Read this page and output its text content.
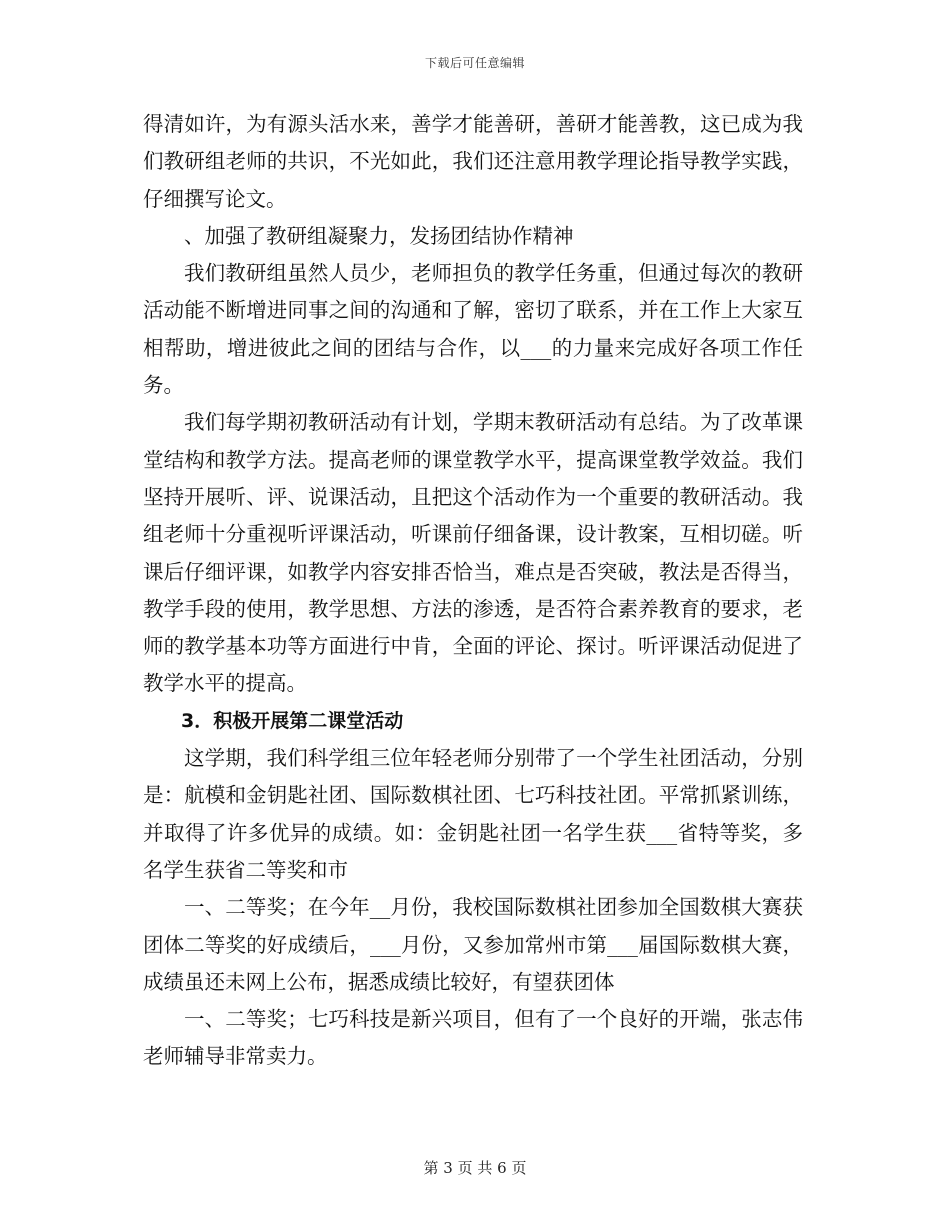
下载后可任意编辑

得清如许，为有源头活水来，善学才能善研，善研才能善教，这已成为我们教研组老师的共识，不光如此，我们还注意用教学理论指导教学实践，仔细撰写论文。

、加强了教研组凝聚力，发扬团结协作精神

我们教研组虽然人员少，老师担负的教学任务重，但通过每次的教研活动能不断增进同事之间的沟通和了解，密切了联系，并在工作上大家互相帮助，增进彼此之间的团结与合作，以___的力量来完成好各项工作任务。

我们每学期初教研活动有计划，学期末教研活动有总结。为了改革课堂结构和教学方法。提高老师的课堂教学水平，提高课堂教学效益。我们坚持开展听、评、说课活动，且把这个活动作为一个重要的教研活动。我组老师十分重视听评课活动，听课前仔细备课，设计教案，互相切磋。听课后仔细评课，如教学内容安排否恰当，难点是否突破，教法是否得当，教学手段的使用，教学思想、方法的渗透，是否符合素养教育的要求，老师的教学基本功等方面进行中肯，全面的评论、探讨。听评课活动促进了教学水平的提高。

3．积极开展第二课堂活动

这学期，我们科学组三位年轻老师分别带了一个学生社团活动，分别是：航模和金钥匙社团、国际数棋社团、七巧科技社团。平常抓紧训练，并取得了许多优异的成绩。如：金钥匙社团一名学生获___省特等奖，多名学生获省二等奖和市

一、二等奖；在今年__月份，我校国际数棋社团参加全国数棋大赛获团体二等奖的好成绩后，___月份，又参加常州市第___届国际数棋大赛，成绩虽还未网上公布，据悉成绩比较好，有望获团体

一、二等奖；七巧科技是新兴项目，但有了一个良好的开端，张志伟老师辅导非常卖力。

第 3 页 共 6 页
